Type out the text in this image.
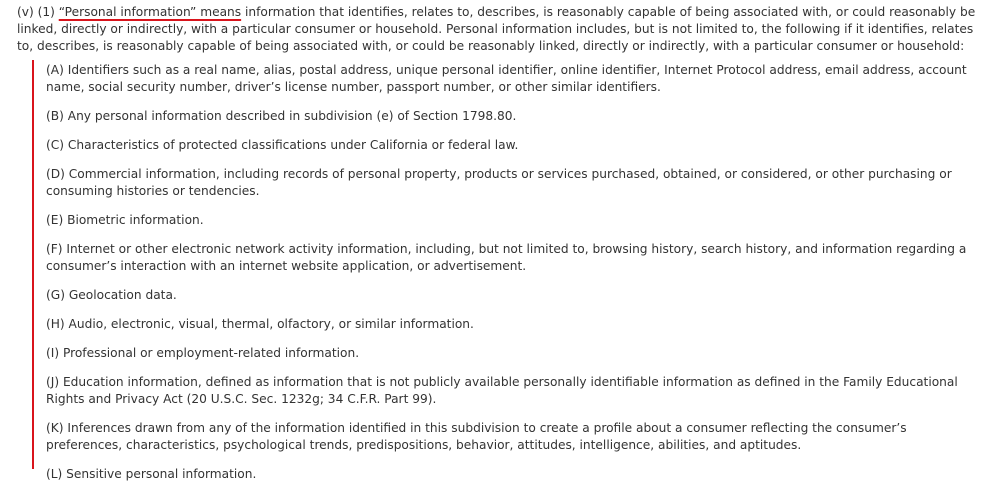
(v) (1) “Personal information” means information that identifies, relates to, describes, is reasonably capable of being associated with, or could reasonably be linked, directly or indirectly, with a particular consumer or household. Personal information includes, but is not limited to, the following if it identifies, relates to, describes, is reasonably capable of being associated with, or could be reasonably linked, directly or indirectly, with a particular consumer or household:

(A) Identifiers such as a real name, alias, postal address, unique personal identifier, online identifier, Internet Protocol address, email address, account name, social security number, driver’s license number, passport number, or other similar identifiers.
(B) Any personal information described in subdivision (e) of Section 1798.80.
(C) Characteristics of protected classifications under California or federal law.
(D) Commercial information, including records of personal property, products or services purchased, obtained, or considered, or other purchasing or consuming histories or tendencies.
(E) Biometric information.
(F) Internet or other electronic network activity information, including, but not limited to, browsing history, search history, and information regarding a consumer’s interaction with an internet website application, or advertisement.
(G) Geolocation data.
(H) Audio, electronic, visual, thermal, olfactory, or similar information.
(I) Professional or employment-related information.
(J) Education information, defined as information that is not publicly available personally identifiable information as defined in the Family Educational Rights and Privacy Act (20 U.S.C. Sec. 1232g; 34 C.F.R. Part 99).
(K) Inferences drawn from any of the information identified in this subdivision to create a profile about a consumer reflecting the consumer’s preferences, characteristics, psychological trends, predispositions, behavior, attitudes, intelligence, abilities, and aptitudes.
(L) Sensitive personal information.
